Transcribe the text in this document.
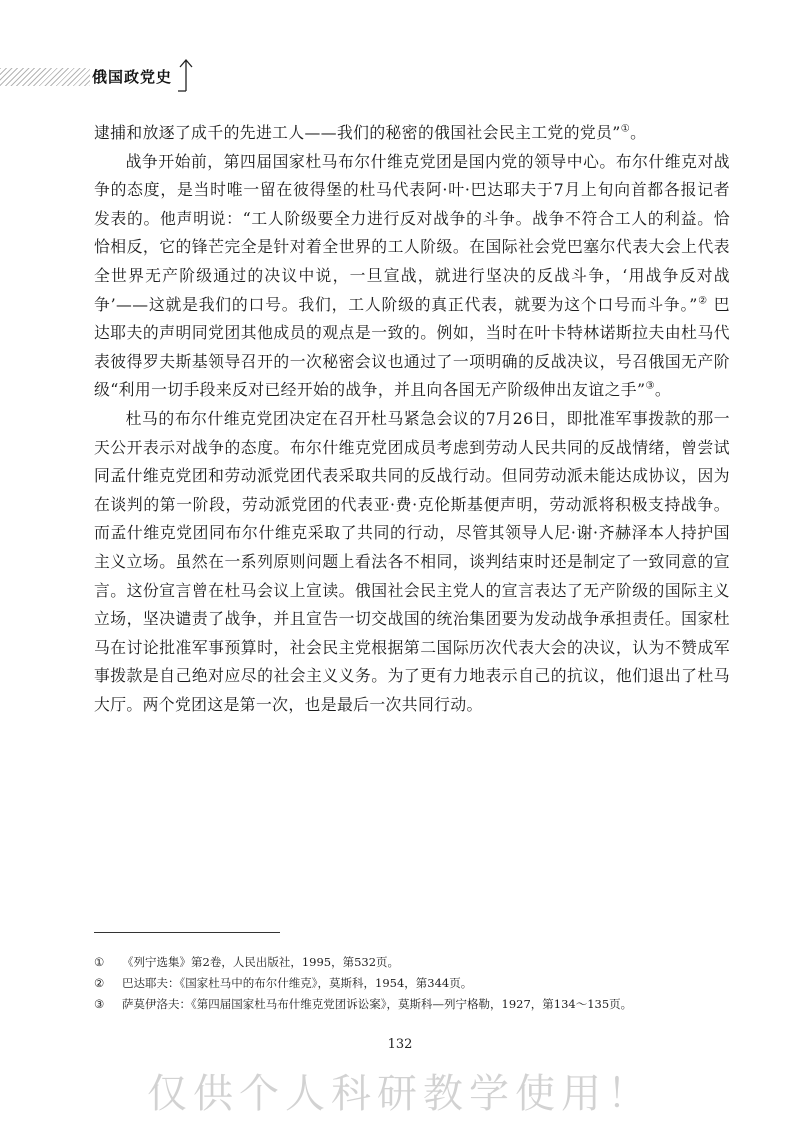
俄国政党史

逮捕和放逐了成千的先进工人——我们的秘密的俄国社会民主工党的党员”①。

战争开始前，第四届国家杜马布尔什维克党团是国内党的领导中心。布尔什维克对战争的态度，是当时唯一留在彼得堡的杜马代表阿·叶·巴达耶夫于7月上旬向首都各报记者发表的。他声明说：“工人阶级要全力进行反对战争的斗争。战争不符合工人的利益。恰恰相反，它的锋芒完全是针对着全世界的工人阶级。在国际社会党巴塞尔代表大会上代表全世界无产阶级通过的决议中说，一旦宣战，就进行坚决的反战斗争，‘用战争反对战争’——这就是我们的口号。我们，工人阶级的真正代表，就要为这个口号而斗争。”② 巴达耶夫的声明同党团其他成员的观点是一致的。例如，当时在叶卡特林诺斯拉夫由杜马代表彼得罗夫斯基领导召开的一次秘密会议也通过了一项明确的反战决议，号召俄国无产阶级“利用一切手段来反对已经开始的战争，并且向各国无产阶级伸出友谊之手”③。

杜马的布尔什维克党团决定在召开杜马紧急会议的7月26日，即批准军事拨款的那一天公开表示对战争的态度。布尔什维克党团成员考虑到劳动人民共同的反战情绪，曾尝试同孟什维克党团和劳动派党团代表采取共同的反战行动。但同劳动派未能达成协议，因为在谈判的第一阶段，劳动派党团的代表亚·费·克伦斯基便声明，劳动派将积极支持战争。而孟什维克党团同布尔什维克采取了共同的行动，尽管其领导人尼·谢·齐赫泽本人持护国主义立场。虽然在一系列原则问题上看法各不相同，谈判结束时还是制定了一致同意的宣言。这份宣言曾在杜马会议上宣读。俄国社会民主党人的宣言表达了无产阶级的国际主义立场，坚决谴责了战争，并且宣告一切交战国的统治集团要为发动战争承担责任。国家杜马在讨论批准军事预算时，社会民主党根据第二国际历次代表大会的决议，认为不赞成军事拨款是自己绝对应尽的社会主义义务。为了更有力地表示自己的抗议，他们退出了杜马大厅。两个党团这是第一次，也是最后一次共同行动。

①	《列宁选集》第2卷，人民出版社，1995，第532页。
②	巴达耶夫：《国家杜马中的布尔什维克》，莫斯科，1954，第344页。
③	萨莫伊洛夫：《第四届国家杜马布什维克党团诉讼案》，莫斯科—列宁格勒，1927，第134～135页。
132
仅供个人科研教学使用！
